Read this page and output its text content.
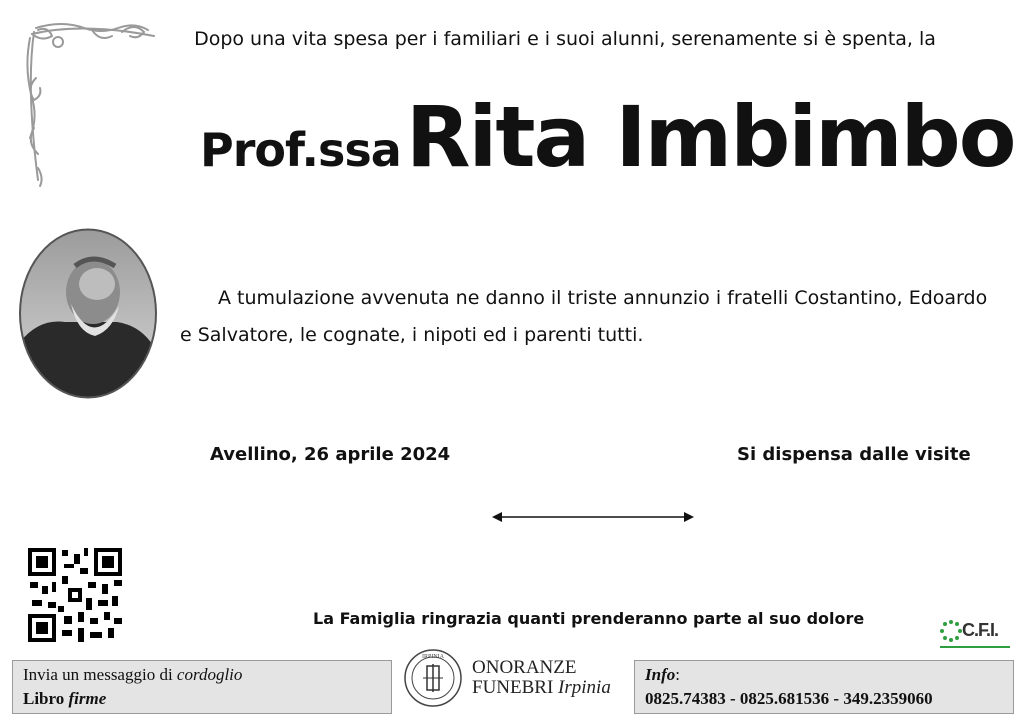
Dopo una vita spesa per i familiari e i suoi alunni, serenamente si è spenta, la
Prof.ssa Rita Imbimbo
A tumulazione avvenuta ne danno il triste annunzio i fratelli Costantino, Edoardo e Salvatore, le cognate, i nipoti ed i parenti tutti.
Avellino, 26 aprile 2024	Si dispensa dalle visite
La Famiglia ringrazia quanti prenderanno parte al suo dolore
C.F.I.
Invia un messaggio di cordoglio
Libro firme
IRPINIA ONORANZE
FUNEBRI Irpinia
Info:
0825.74383 - 0825.681536 - 349.2359060
